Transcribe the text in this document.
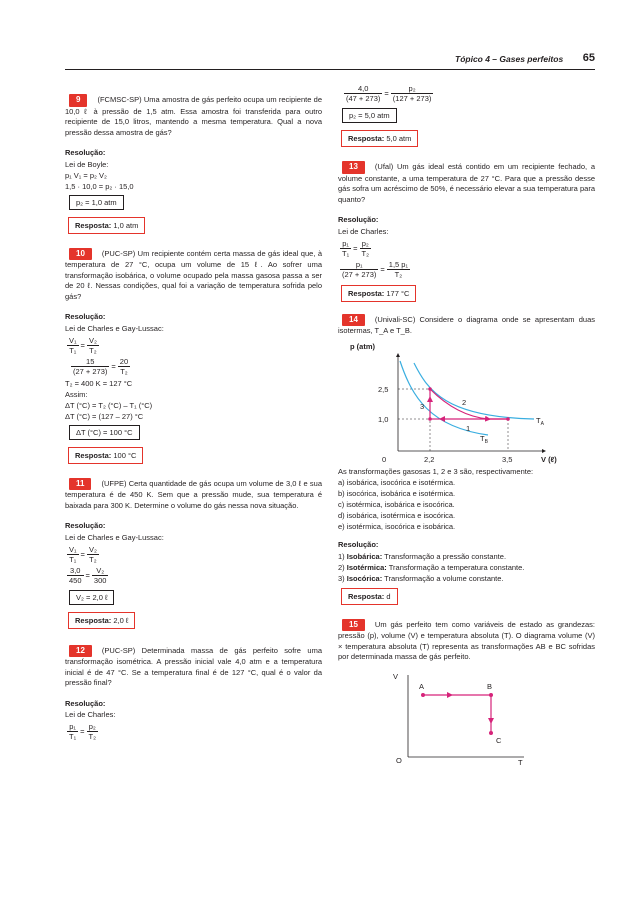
Tópico 4 – Gases perfeitos 65

9 (FCMSC-SP) Uma amostra de gás perfeito ocupa um recipiente de 10,0 ℓ à pressão de 1,5 atm. Essa amostra foi transferida para outro recipiente de 15,0 litros, mantendo a mesma temperatura. Qual a nova pressão dessa amostra de gás?

Resolução:

Lei de Boyle:
p₁ V₁ = p₂ V₂
1,5 · 10,0 = p₂ · 15,0
p₂ = 1,0 atm
Resposta: 1,0 atm

10 (PUC-SP) Um recipiente contém certa massa de gás ideal que, à temperatura de 27 °C, ocupa um volume de 15 ℓ. Ao sofrer uma transformação isobárica, o volume ocupado pela massa gasosa passa a ser de 20 ℓ. Nessas condições, qual foi a variação de temperatura sofrida pelo gás?

Resolução:

Lei de Charles e Gay-Lussac:
$\frac{\text{V₁}}{\text{T₁}} = \frac{\text{V₂}}{\text{T₂}}$
$\frac{15}{(27 + 273)} = \frac{20}{\text{T₂}}$
T₂ = 400 K = 127 °C
Assim:
ΔT (°C) = T₂ (°C) – T₁ (°C)
ΔT (°C) = (127 – 27) °C
ΔT (°C) = 100 °C
Resposta: 100 °C

11 (UFPE) Certa quantidade de gás ocupa um volume de 3,0 ℓ e sua temperatura é de 450 K. Sem que a pressão mude, sua temperatura é baixada para 300 K. Determine o volume do gás nessa nova situação.

Resolução:

Lei de Charles e Gay-Lussac:
$\frac{\text{V₁}}{\text{T₁}} = \frac{\text{V₂}}{\text{T₂}}$
$\frac{3,0}{450} = \frac{\text{V₂}}{300}$
V₂ = 2,0 ℓ
Resposta: 2,0 ℓ

12 (PUC-SP) Determinada massa de gás perfeito sofre uma transformação isométrica. A pressão inicial vale 4,0 atm e a temperatura inicial é de 47 °C. Se a temperatura final é de 127 °C, qual é o valor da pressão final?

Resolução:

Lei de Charles:
$\frac{\text{p₁}}{\text{T₁}} = \frac{\text{p₂}}{\text{T₂}}$
$\frac{4,0}{(47 + 273)} = \frac{\text{p₂}}{(127 + 273)}$
p₂ = 5,0 atm
Resposta: 5,0 atm

13 (Ufal) Um gás ideal está contido em um recipiente fechado, a volume constante, a uma temperatura de 27 °C. Para que a pressão desse gás sofra um acréscimo de 50%, é necessário elevar a sua temperatura para quanto?

Resolução:

Lei de Charles:
$\frac{\text{p₁}}{\text{T₁}} = \frac{\text{p₂}}{\text{T₂}}$
$\frac{\text{p₁}}{(27 + 273)} = \frac{\text{1,5 p₁}}{\text{T₂}}$
Resposta: 177 °C

14 (Univali-SC) Considere o diagrama onde se apresentam duas isotermas, T_A e T_B.

p (atm)
2,5
1,0
0	2,2	3,5	V (ℓ)
3	2
1
$T_A$
$T_B$

As transformações gasosas 1, 2 e 3 são, respectivamente:

a) isobárica, isocórica e isotérmica.
b) isocórica, isobárica e isotérmica.
c) isotérmica, isobárica e isocórica.
d) isobárica, isotérmica e isocórica.
e) isotérmica, isocórica e isobárica.

Resolução:

1) Isobárica: Transformação a pressão constante.
2) Isotérmica: Transformação a temperatura constante.
3) Isocórica: Transformação a volume constante.
Resposta: d

15 Um gás perfeito tem como variáveis de estado as grandezas: pressão (p), volume (V) e temperatura absoluta (T). O diagrama volume (V) × temperatura absoluta (T) representa as transformações AB e BC sofridas por determinada massa de gás perfeito.

V
O	T
A	B
C
